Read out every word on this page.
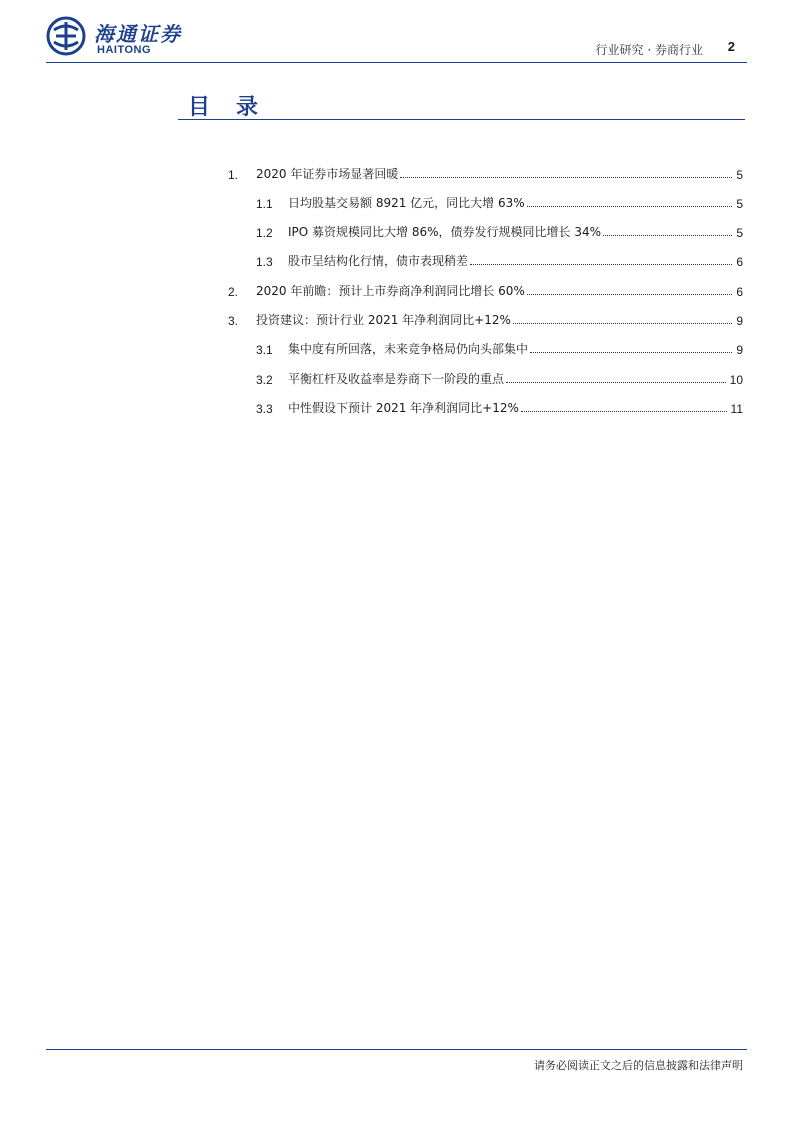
海通证券
HAITONG	行业研究 · 券商行业 2
目录
1.	2020 年证券市场显著回暖	5
1.1	日均股基交易额 8921 亿元，同比大增 63%	5
1.2	IPO 募资规模同比大增 86%，债券发行规模同比增长 34%	5
1.3	股市呈结构化行情，债市表现稍差	6
2.	2020 年前瞻：预计上市券商净利润同比增长 60%	6
3.	投资建议：预计行业 2021 年净利润同比+12%	9
3.1	集中度有所回落，未来竞争格局仍向头部集中	9
3.2	平衡杠杆及收益率是券商下一阶段的重点	10
3.3	中性假设下预计 2021 年净利润同比+12%	11
请务必阅读正文之后的信息披露和法律声明
